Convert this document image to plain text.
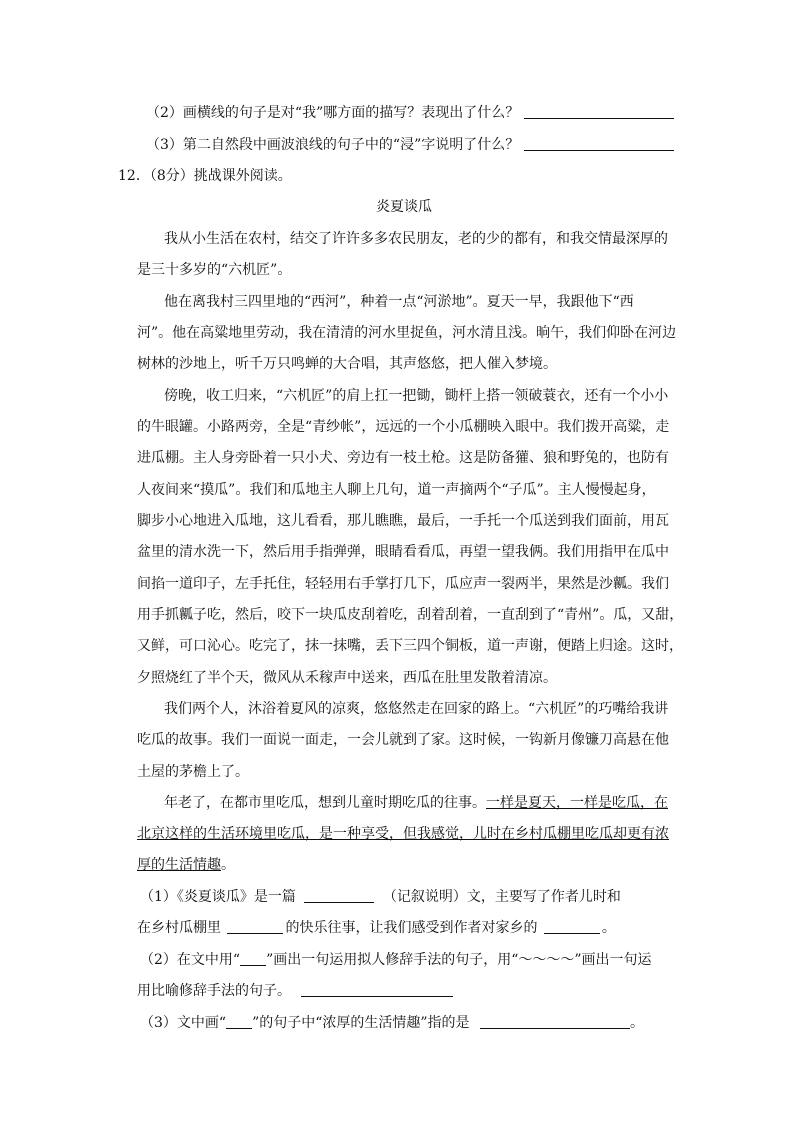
（2）画横线的句子是对“我”哪方面的描写？表现出了什么？
（3）第二自然段中画波浪线的句子中的“浸”字说明了什么？
12．（8分）挑战课外阅读。
炎夏谈瓜
我从小生活在农村，结交了许许多多农民朋友，老的少的都有，和我交情最深厚的
是三十多岁的“六机匠”。
他在离我村三四里地的“西河”，种着一点“河淤地”。夏天一早，我跟他下“西
河”。他在高粱地里劳动，我在清清的河水里捉鱼，河水清且浅。晌午，我们仰卧在河边
树林的沙地上，听千万只鸣蝉的大合唱，其声悠悠，把人催入梦境。
傍晚，收工归来，“六机匠”的肩上扛一把锄，锄杆上搭一领破蓑衣，还有一个小小
的牛眼罐。小路两旁，全是“青纱帐”，远远的一个小瓜棚映入眼中。我们拨开高粱，走
进瓜棚。主人身旁卧着一只小犬、旁边有一枝土枪。这是防备獾、狼和野兔的，也防有
人夜间来“摸瓜”。我们和瓜地主人聊上几句，道一声摘两个“子瓜”。主人慢慢起身，
脚步小心地进入瓜地，这儿看看，那儿瞧瞧，最后，一手托一个瓜送到我们面前，用瓦
盆里的清水洗一下，然后用手指弹弹，眼睛看看瓜，再望一望我俩。我们用指甲在瓜中
间掐一道印子，左手托住，轻轻用右手掌打几下，瓜应声一裂两半，果然是沙瓤。我们
用手抓瓤子吃，然后，咬下一块瓜皮刮着吃，刮着刮着，一直刮到了“青州”。瓜，又甜，
又鲜，可口沁心。吃完了，抹一抹嘴，丢下三四个铜板，道一声谢，便踏上归途。这时，
夕照烧红了半个天，微风从禾稼声中送来，西瓜在肚里发散着清凉。
我们两个人，沐浴着夏风的凉爽，悠悠然走在回家的路上。“六机匠”的巧嘴给我讲
吃瓜的故事。我们一面说一面走，一会儿就到了家。这时候，一钩新月像镰刀高悬在他
土屋的茅檐上了。
年老了，在都市里吃瓜，想到儿童时期吃瓜的往事。一样是夏天，一样是吃瓜，在
北京这样的生活环境里吃瓜，是一种享受，但我感觉，儿时在乡村瓜棚里吃瓜却更有浓
厚的生活情趣。
（1）《炎夏谈瓜》是一篇	（记叙说明）文，主要写了作者儿时和
在乡村瓜棚里	的快乐往事，让我们感受到作者对家乡的	。
（2）在文中用“ ”画出一句运用拟人修辞手法的句子，用“～～～～”画出一句运
用比喻修辞手法的句子。
（3）文中画“ ”的句子中“浓厚的生活情趣”指的是	。
